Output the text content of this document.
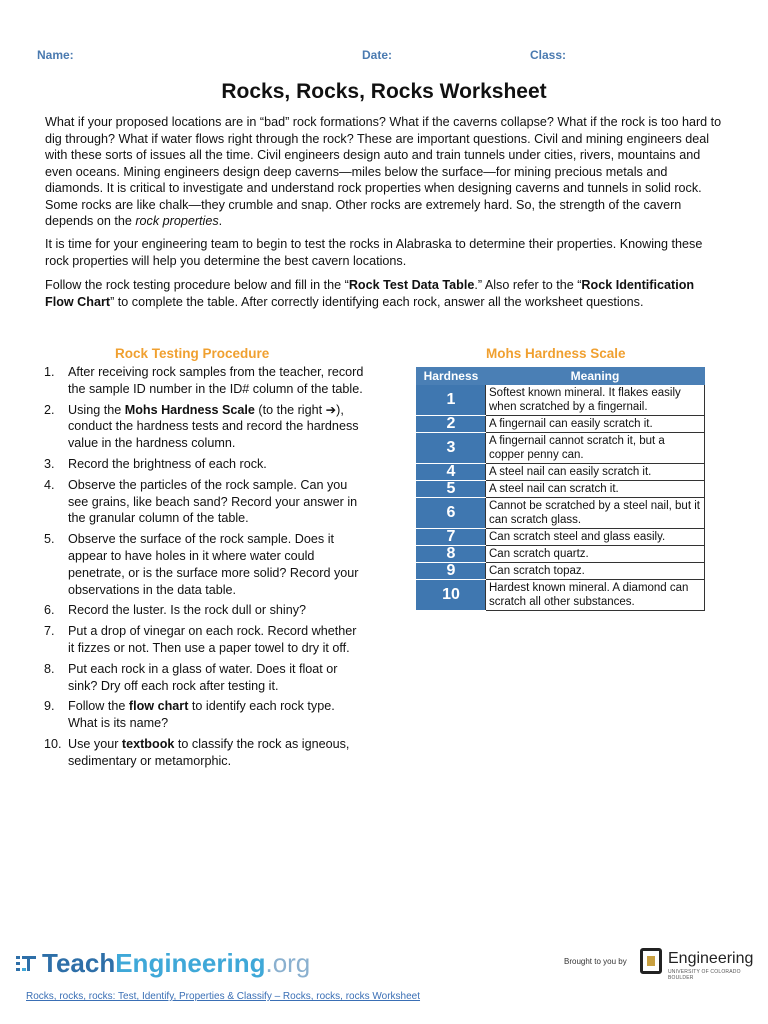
Name:	Date:	Class:
Rocks, Rocks, Rocks Worksheet
What if your proposed locations are in “bad” rock formations? What if the caverns collapse? What if the rock is too hard to dig through? What if water flows right through the rock? These are important questions. Civil and mining engineers deal with these sorts of issues all the time. Civil engineers design auto and train tunnels under cities, rivers, mountains and even oceans. Mining engineers design deep caverns—miles below the surface—for mining precious metals and diamonds. It is critical to investigate and understand rock properties when designing caverns and tunnels in solid rock. Some rocks are like chalk—they crumble and snap. Other rocks are extremely hard. So, the strength of the cavern depends on the rock properties.
It is time for your engineering team to begin to test the rocks in Alabraska to determine their properties. Knowing these rock properties will help you determine the best cavern locations.
Follow the rock testing procedure below and fill in the “Rock Test Data Table.” Also refer to the “Rock Identification Flow Chart” to complete the table. After correctly identifying each rock, answer all the worksheet questions.
Rock Testing Procedure
1. After receiving rock samples from the teacher, record the sample ID number in the ID# column of the table.
2. Using the Mohs Hardness Scale (to the right ➔), conduct the hardness tests and record the hardness value in the hardness column.
3. Record the brightness of each rock.
4. Observe the particles of the rock sample. Can you see grains, like beach sand? Record your answer in the granular column of the table.
5. Observe the surface of the rock sample. Does it appear to have holes in it where water could penetrate, or is the surface more solid? Record your observations in the data table.
6. Record the luster. Is the rock dull or shiny?
7. Put a drop of vinegar on each rock. Record whether it fizzes or not. Then use a paper towel to dry it off.
8. Put each rock in a glass of water. Does it float or sink? Dry off each rock after testing it.
9. Follow the flow chart to identify each rock type. What is its name?
10. Use your textbook to classify the rock as igneous, sedimentary or metamorphic.
Mohs Hardness Scale
Hardness	Meaning
1	Softest known mineral. It flakes easily when scratched by a fingernail.
2	A fingernail can easily scratch it.
3	A fingernail cannot scratch it, but a copper penny can.
4	A steel nail can easily scratch it.
5	A steel nail can scratch it.
6	Cannot be scratched by a steel nail, but it can scratch glass.
7	Can scratch steel and glass easily.
8	Can scratch quartz.
9	Can scratch topaz.
10	Hardest known mineral. A diamond can scratch all other substances.
TeachEngineering.org	Brought to you by	Engineering
UNIVERSITY OF COLORADO BOULDER
Rocks, rocks, rocks: Test, Identify, Properties & Classify – Rocks, rocks, rocks Worksheet
